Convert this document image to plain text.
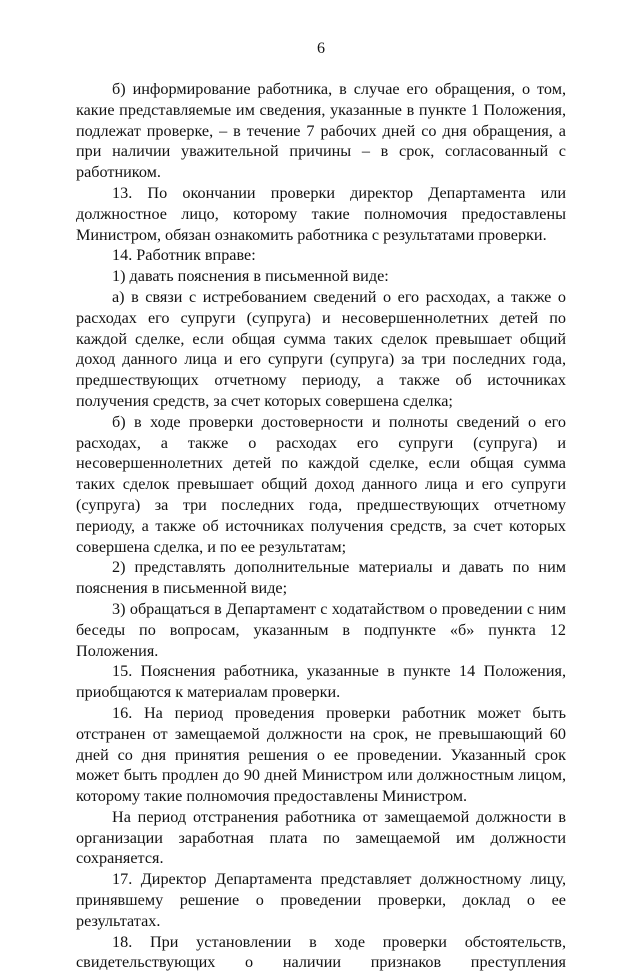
6

б) информирование работника, в случае его обращения, о том, какие представляемые им сведения, указанные в пункте 1 Положения, подлежат проверке, – в течение 7 рабочих дней со дня обращения, а при наличии уважительной причины – в срок, согласованный с работником.

13. По окончании проверки директор Департамента или должностное лицо, которому такие полномочия предоставлены Министром, обязан ознакомить работника с результатами проверки.

14. Работник вправе:

1) давать пояснения в письменной виде:

а) в связи с истребованием сведений о его расходах, а также о расходах его супруги (супруга) и несовершеннолетних детей по каждой сделке, если общая сумма таких сделок превышает общий доход данного лица и его супруги (супруга) за три последних года, предшествующих отчетному периоду, а также об источниках получения средств, за счет которых совершена сделка;

б) в ходе проверки достоверности и полноты сведений о его расходах, а также о расходах его супруги (супруга) и несовершеннолетних детей по каждой сделке, если общая сумма таких сделок превышает общий доход данного лица и его супруги (супруга) за три последних года, предшествующих отчетному периоду, а также об источниках получения средств, за счет которых совершена сделка, и по ее результатам;

2) представлять дополнительные материалы и давать по ним пояснения в письменной виде;

3) обращаться в Департамент с ходатайством о проведении с ним беседы по вопросам, указанным в подпункте «б» пункта 12 Положения.

15. Пояснения работника, указанные в пункте 14 Положения, приобщаются к материалам проверки.

16. На период проведения проверки работник может быть отстранен от замещаемой должности на срок, не превышающий 60 дней со дня принятия решения о ее проведении. Указанный срок может быть продлен до 90 дней Министром или должностным лицом, которому такие полномочия предоставлены Министром.

На период отстранения работника от замещаемой должности в организации заработная плата по замещаемой им должности сохраняется.

17. Директор Департамента представляет должностному лицу, принявшему решение о проведении проверки, доклад о ее результатах.

18. При установлении в ходе проверки обстоятельств, свидетельствующих о наличии признаков преступления
